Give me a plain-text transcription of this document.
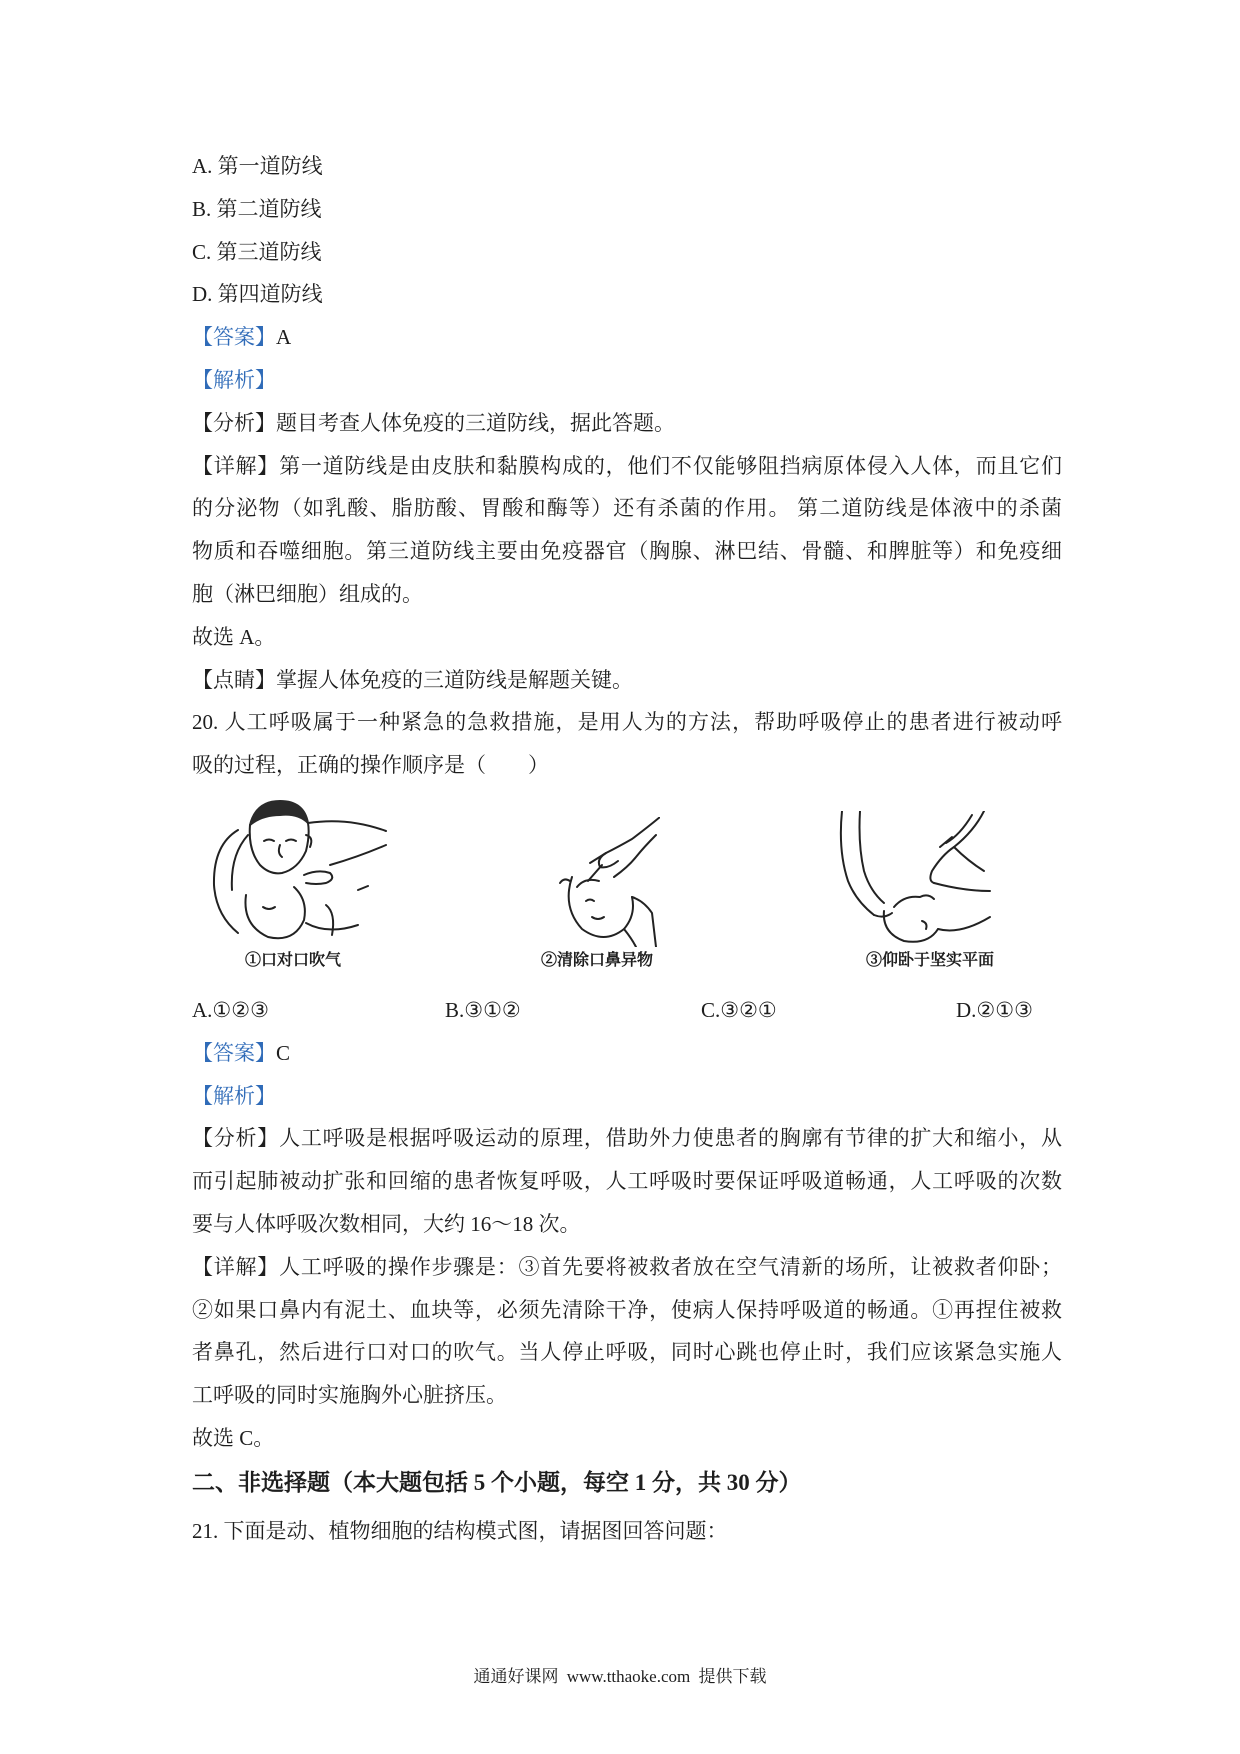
A. 第一道防线
B. 第二道防线
C. 第三道防线
D. 第四道防线
【答案】A
【解析】
【分析】题目考查人体免疫的三道防线，据此答题。
【详解】第一道防线是由皮肤和黏膜构成的，他们不仅能够阻挡病原体侵入人体，而且它们
的分泌物（如乳酸、脂肪酸、胃酸和酶等）还有杀菌的作用。 第二道防线是体液中的杀菌
物质和吞噬细胞。第三道防线主要由免疫器官（胸腺、淋巴结、骨髓、和脾脏等）和免疫细
胞（淋巴细胞）组成的。
故选 A。
【点睛】掌握人体免疫的三道防线是解题关键。
20. 人工呼吸属于一种紧急的急救措施，是用人为的方法，帮助呼吸停止的患者进行被动呼
吸的过程，正确的操作顺序是（　　）
①口对口吹气	②清除口鼻异物	③仰卧于坚实平面
A.①②③	B.③①②	C.③②①	D.②①③
【答案】C
【解析】
【分析】人工呼吸是根据呼吸运动的原理，借助外力使患者的胸廓有节律的扩大和缩小，从
而引起肺被动扩张和回缩的患者恢复呼吸，人工呼吸时要保证呼吸道畅通，人工呼吸的次数
要与人体呼吸次数相同，大约 16～18 次。
【详解】人工呼吸的操作步骤是：③首先要将被救者放在空气清新的场所，让被救者仰卧；
②如果口鼻内有泥土、血块等，必须先清除干净，使病人保持呼吸道的畅通。①再捏住被救
者鼻孔，然后进行口对口的吹气。当人停止呼吸，同时心跳也停止时，我们应该紧急实施人
工呼吸的同时实施胸外心脏挤压。
故选 C。
二、非选择题（本大题包括 5 个小题，每空 1 分，共 30 分）
21. 下面是动、植物细胞的结构模式图，请据图回答问题：
通通好课网 www.tthaoke.com 提供下载
